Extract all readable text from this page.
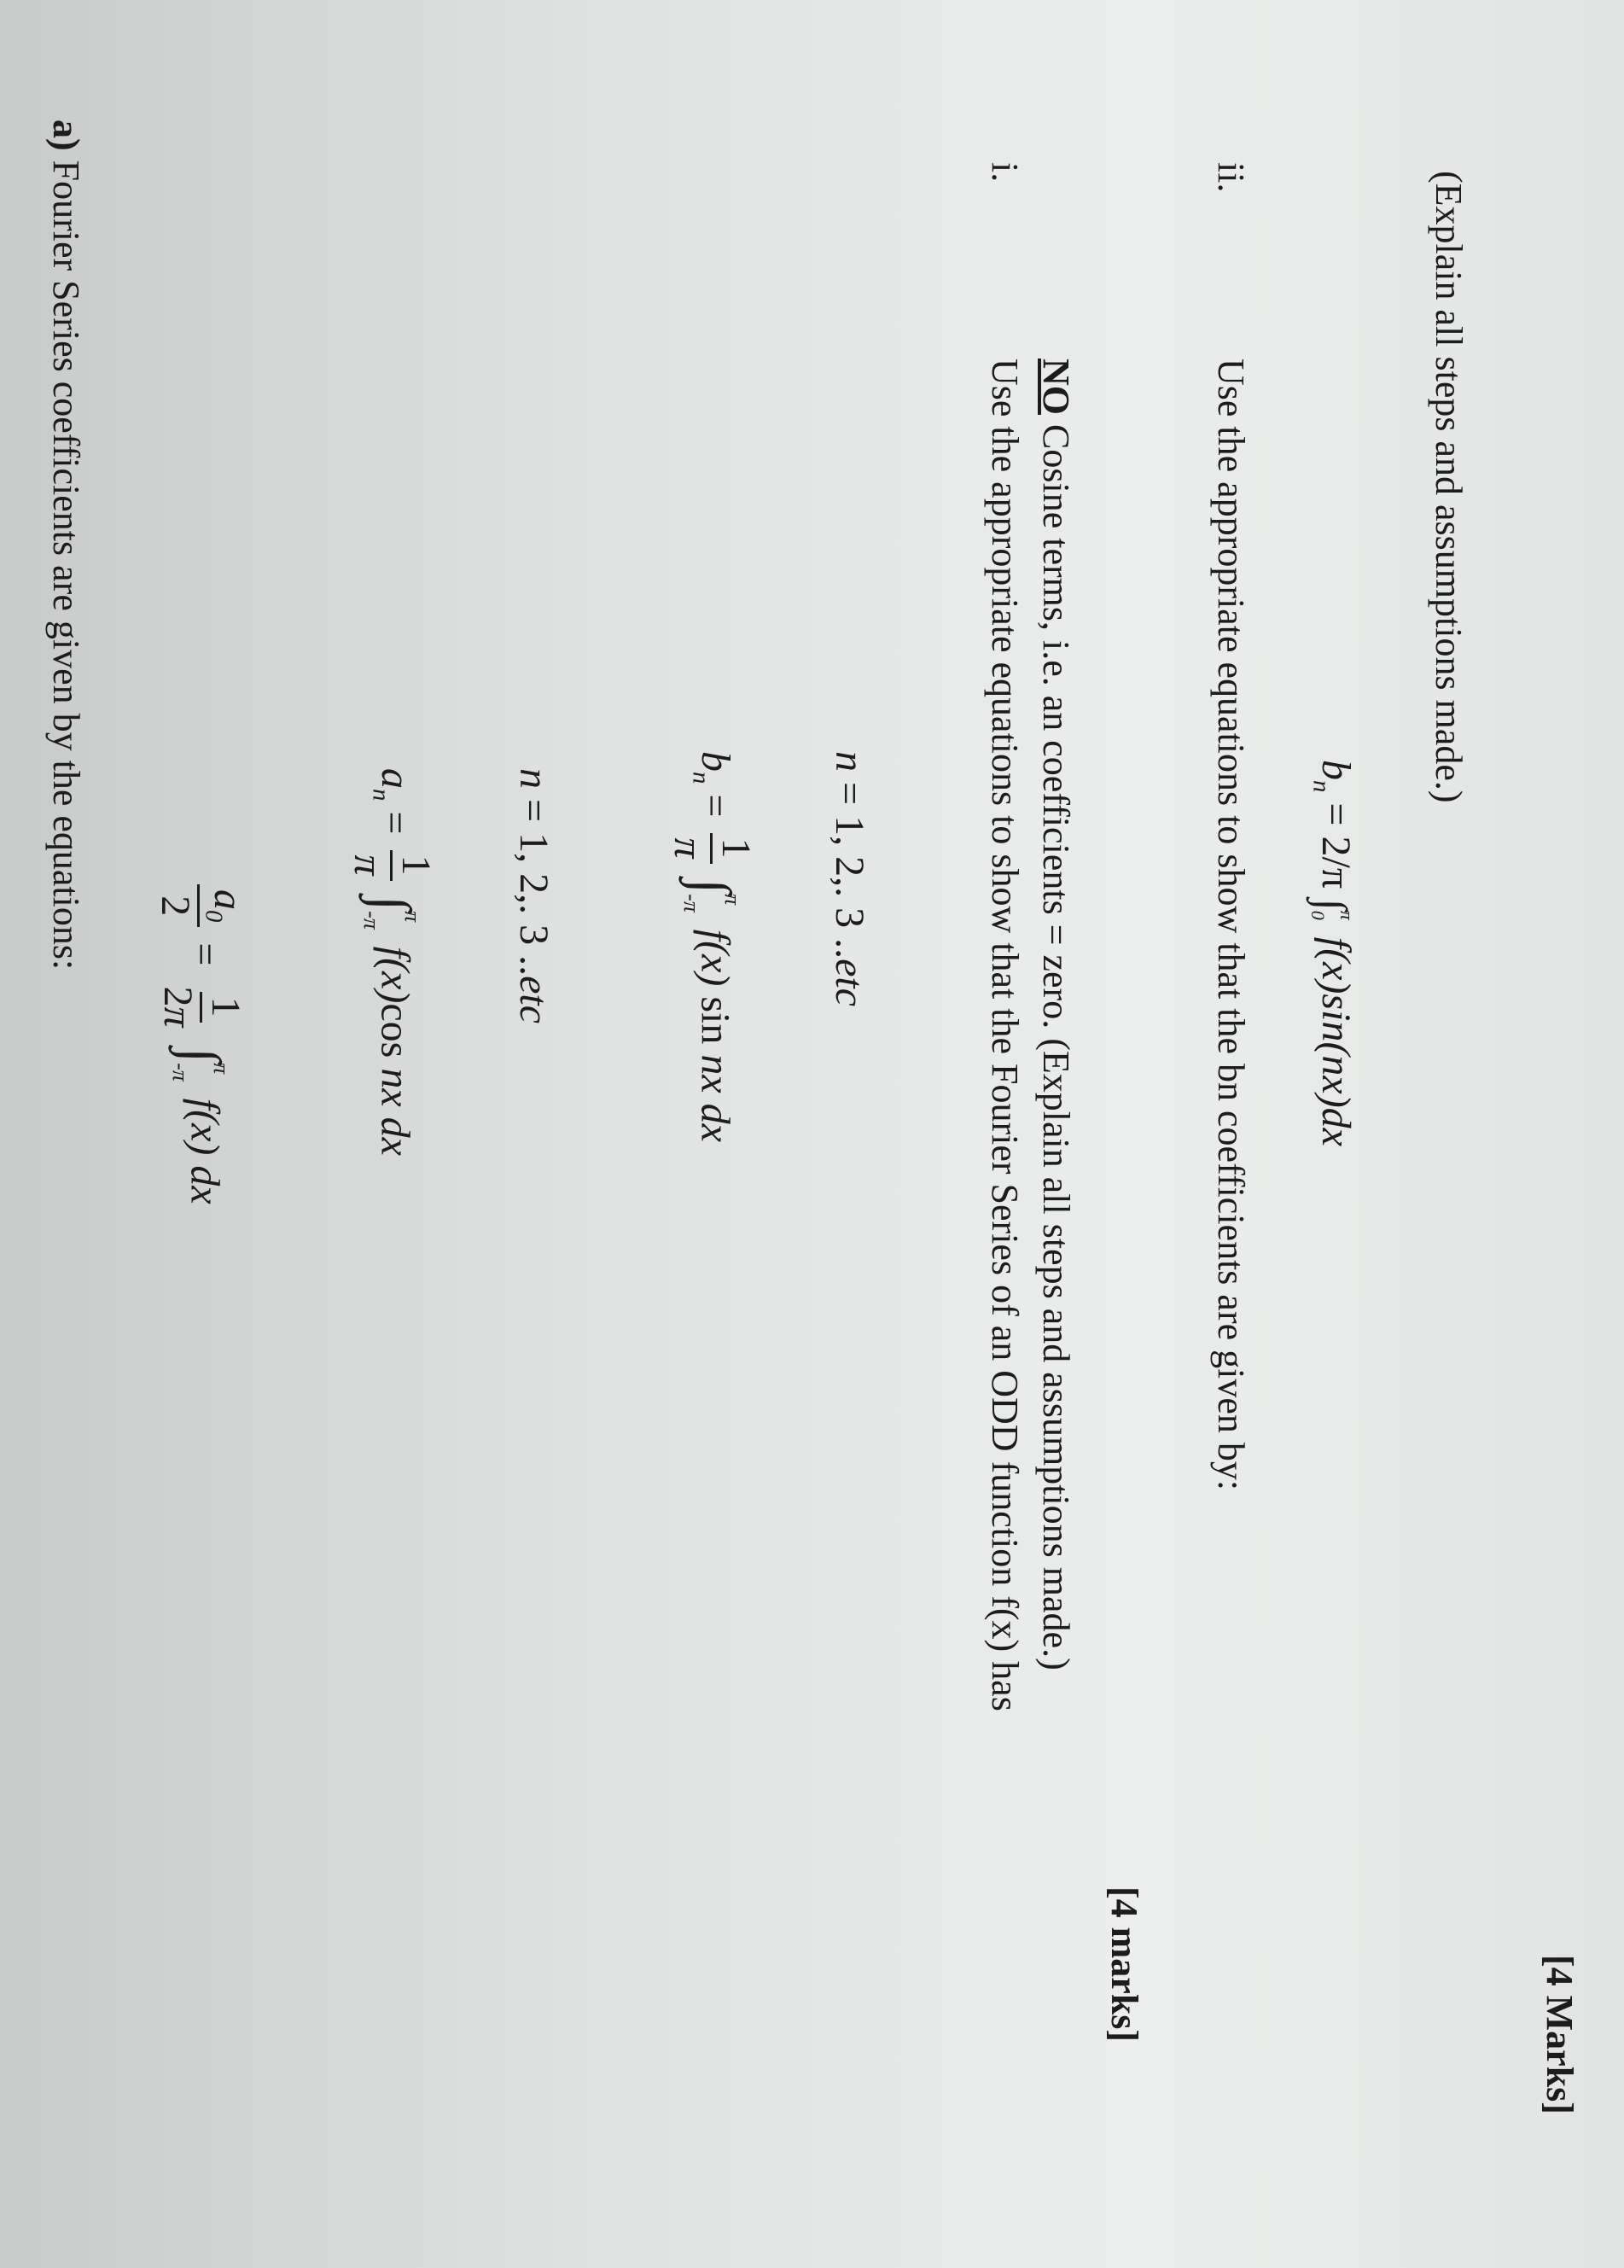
a) Fourier Series coefficients are given by the equations:	$a_0$
2
=
1
2π
∫
π
-π
f(x) dx
$a_n$ =
1
π
∫
π
-π
f(x)cos nx dx
n = 1, 2,. 3 ..etc
$b_n$ =
1
π
∫
π
-π
f(x) sin nx dx
n = 1, 2,. 3 ..etc
i.
Use the appropriate equations to show that the Fourier Series of an ODD function f(x) has NO Cosine terms, i.e. an coefficients = zero. (Explain all steps and assumptions made.)
[4 marks]
ii.
Use the appropriate equations to show that the bn coefficients are given by: $b_n = 2/\pi$ ∫
π
0
f(x)sin(nx)dx
(Explain all steps and assumptions made.)
[4 Marks]
